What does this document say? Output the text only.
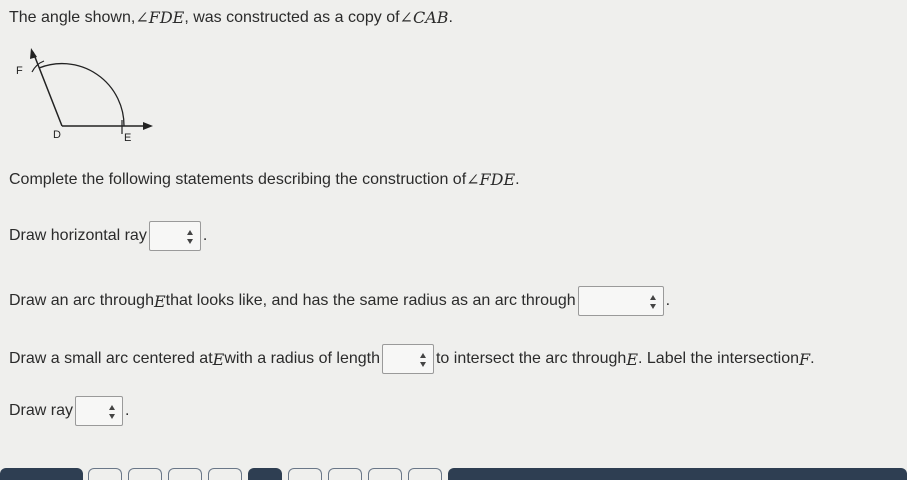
The angle shown, ∠FDE , was constructed as a copy of ∠CAB .
F
D	E
Complete the following statements describing the construction of ∠FDE .
Draw horizontal ray	.
Draw an arc through E that looks like, and has the same radius as an arc through	.
Draw a small arc centered at E with a radius of length	to intersect the arc through E . Label the intersection F .
Draw ray	.
